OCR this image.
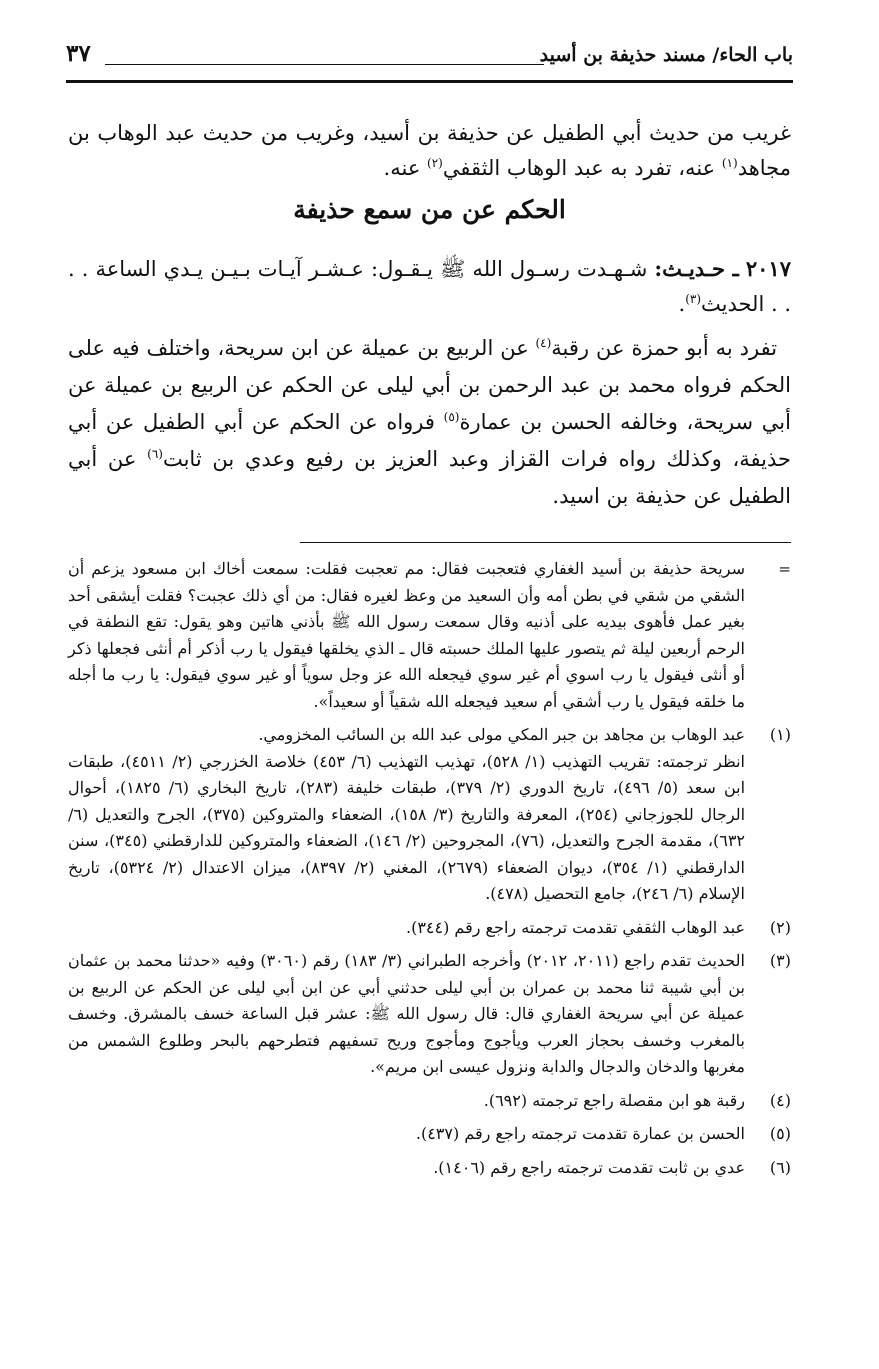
باب الحاء/ مسند حذيفة بن أسيد
٣٧
غريب من حديث أبي الطفيل عن حذيفة بن أسيد، وغريب من حديث عبد الوهاب بن مجاهد$^{(١)}$ عنه، تفرد به عبد الوهاب الثقفي$^{(٢)}$ عنه.
الحكم عن من سمع حذيفة
٢٠١٧ ـ حـديـث: شـهـدت رسـول الله ﷺ يـقـول: عـشـر آيـات بـيـن يـدي الساعة . . . . الحديث$^{(٣)}$.
تفرد به أبو حمزة عن رقبة$^{(٤)}$ عن الربيع بن عميلة عن ابن سريحة، واختلف فيه على الحكم فرواه محمد بن عبد الرحمن بن أبي ليلى عن الحكم عن الربيع بن عميلة عن أبي سريحة، وخالفه الحسن بن عمارة$^{(٥)}$ فرواه عن الحكم عن أبي الطفيل عن أبي حذيفة، وكذلك رواه فرات القزاز وعبد العزيز بن رفيع وعدي بن ثابت$^{(٦)}$ عن أبي الطفيل عن حذيفة بن اسيد.
=
سريحة حذيفة بن أسيد الغفاري فتعجبت فقال: مم تعجبت فقلت: سمعت أخاك ابن مسعود يزعم أن الشقي من شقي في بطن أمه وأن السعيد من وعظ لغيره فقال: من أي ذلك عجبت؟ فقلت أيشقى أحد بغير عمل فأهوى بيديه على أذنيه وقال سمعت رسول الله ﷺ بأذني هاتين وهو يقول: تقع النطفة في الرحم أربعين ليلة ثم يتصور عليها الملك حسبته قال ـ الذي يخلقها فيقول يا رب أذكر أم أنثى فجعلها ذكر أو أنثى فيقول يا رب اسوي أم غير سوي فيجعله الله عز وجل سوياً أو غير سوي فيقول: يا رب ما أجله ما خلقه فيقول يا رب أشقي أم سعيد فيجعله الله شقياً أو سعيداً».
(١)
عبد الوهاب بن مجاهد بن جبر المكي مولى عبد الله بن السائب المخزومي.
انظر ترجمته: تقريب التهذيب (١/ ٥٢٨)، تهذيب التهذيب (٦/ ٤٥٣) خلاصة الخزرجي (٢/ ٤٥١١)، طبقات ابن سعد (٥/ ٤٩٦)، تاريخ الدوري (٢/ ٣٧٩)، طبقات خليفة (٢٨٣)، تاريخ البخاري (٦/ ١٨٢٥)، أحوال الرجال للجوزجاني (٢٥٤)، المعرفة والتاريخ (٣/ ١٥٨)، الضعفاء والمتروكين (٣٧٥)، الجرح والتعديل (٦/ ٦٣٢)، مقدمة الجرح والتعديل، (٧٦)، المجروحين (٢/ ١٤٦)، الضعفاء والمتروكين للدارقطني (٣٤٥)، سنن الدارقطني (١/ ٣٥٤)، ديوان الضعفاء (٢٦٧٩)، المغني (٢/ ٨٣٩٧)، ميزان الاعتدال (٢/ ٥٣٢٤)، تاريخ الإسلام (٦/ ٢٤٦)، جامع التحصيل (٤٧٨).
(٢)
عبد الوهاب الثقفي تقدمت ترجمته راجع رقم (٣٤٤).
(٣)
الحديث تقدم راجع (٢٠١١، ٢٠١٢) وأخرجه الطبراني (٣/ ١٨٣) رقم (٣٠٦٠) وفيه «حدثنا محمد بن عثمان بن أبي شيبة ثنا محمد بن عمران بن أبي ليلى حدثني أبي عن ابن أبي ليلى عن الحكم عن الربيع بن عميلة عن أبي سريحة الغفاري قال: قال رسول الله ﷺ: عشر قبل الساعة خسف بالمشرق. وخسف بالمغرب وخسف بحجاز العرب ويأجوج ومأجوج وريح تسفيهم فتطرحهم بالبحر وطلوع الشمس من مغربها والدخان والدجال والدابة ونزول عيسى ابن مريم».
(٤)
رقبة هو ابن مقصلة راجع ترجمته (٦٩٢).
(٥)
الحسن بن عمارة تقدمت ترجمته راجع رقم (٤٣٧).
(٦)
عدي بن ثابت تقدمت ترجمته راجع رقم (١٤٠٦).
